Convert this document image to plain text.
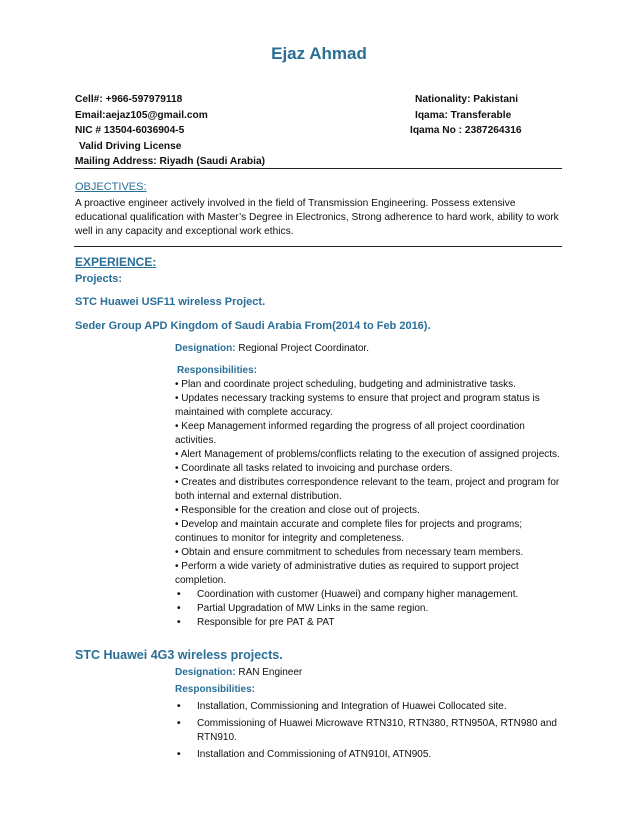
Ejaz Ahmad
Cell#: +966-597979118	Nationality: Pakistani
Email:aejaz105@gmail.com	Iqama: Transferable
NIC # 13504-6036904-5	Iqama No : 2387264316
Valid Driving License
Mailing Address: Riyadh (Saudi Arabia)
OBJECTIVES:
A proactive engineer actively involved in the field of Transmission Engineering. Possess extensive educational qualification with Master’s Degree in Electronics, Strong adherence to hard work, ability to work well in any capacity and exceptional work ethics.
EXPERIENCE:
Projects:
STC Huawei USF11 wireless Project.
Seder Group APD Kingdom of Saudi Arabia From(2014 to Feb 2016).
Designation: Regional Project Coordinator.
Responsibilities:
• Plan and coordinate project scheduling, budgeting and administrative tasks.
• Updates necessary tracking systems to ensure that project and program status is maintained with complete accuracy.
• Keep Management informed regarding the progress of all project coordination activities.
• Alert Management of problems/conflicts relating to the execution of assigned projects.
• Coordinate all tasks related to invoicing and purchase orders.
• Creates and distributes correspondence relevant to the team, project and program for both internal and external distribution.
• Responsible for the creation and close out of projects.
• Develop and maintain accurate and complete files for projects and programs; continues to monitor for integrity and completeness.
• Obtain and ensure commitment to schedules from necessary team members.
• Perform a wide variety of administrative duties as required to support project completion.
• Coordination with customer (Huawei) and company higher management.
• Partial Upgradation of MW Links in the same region.
• Responsible for pre PAT & PAT
STC Huawei 4G3 wireless projects.
Designation: RAN Engineer
Responsibilities:
• Installation, Commissioning and Integration of Huawei Collocated site.
• Commissioning of Huawei Microwave RTN310, RTN380, RTN950A, RTN980 and RTN910.
• Installation and Commissioning of ATN910I, ATN905.
